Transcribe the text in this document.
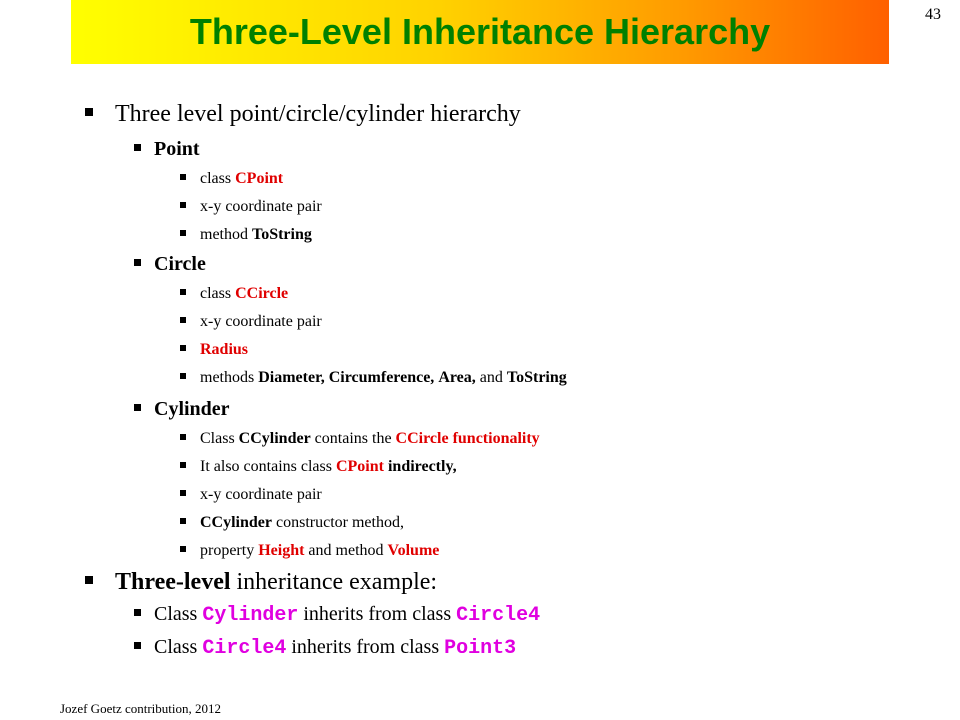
Three-Level Inheritance Hierarchy	43
Three level point/circle/cylinder hierarchy
Point
class CPoint
x-y coordinate pair
method ToString
Circle
class CCircle
x-y coordinate pair
Radius
methods Diameter, Circumference, Area, and ToString
Cylinder
Class CCylinder contains the CCircle functionality
It also contains class CPoint indirectly,
x-y coordinate pair
CCylinder constructor method,
property Height and method Volume
Three-level inheritance example:
Class Cylinder inherits from class Circle4
Class Circle4 inherits from class Point3
Jozef Goetz contribution, 2012
